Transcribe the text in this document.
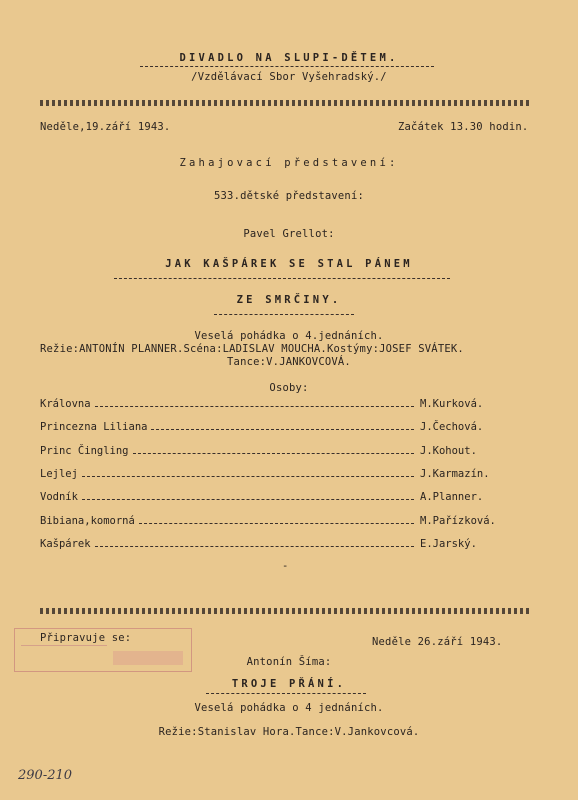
DIVADLO NA SLUPI-DĚTEM.
/Vzdělávací Sbor Vyšehradský./
Neděle,19.září 1943.	Začátek 13.30 hodin.
Zahajovací představení:
533.dětské představení:
Pavel Grellot:
JAK KAŠPÁREK SE STAL PÁNEM
ZE SMRČINY.
Veselá pohádka o 4.jednáních.
Režie:ANTONÍN PLANNER.Scéna:LADISLAV MOUCHA.Kostýmy:JOSEF SVÁTEK.
Tance:V.JANKOVCOVÁ.
Osoby:
Královna	M.Kurková.
Princezna Liliana	J.Čechová.
Princ Čingling	J.Kohout.
Lejlej	J.Karmazín.
Vodník	A.Planner.
Bibiana,komorná	M.Pařízková.
Kašpárek	E.Jarský.
-
Připravuje se:	Neděle 26.září 1943.
Antonín Šíma:
TROJE PŘÁNÍ.
Veselá pohádka o 4 jednáních.
Režie:Stanislav Hora.Tance:V.Jankovcová.
290-210
